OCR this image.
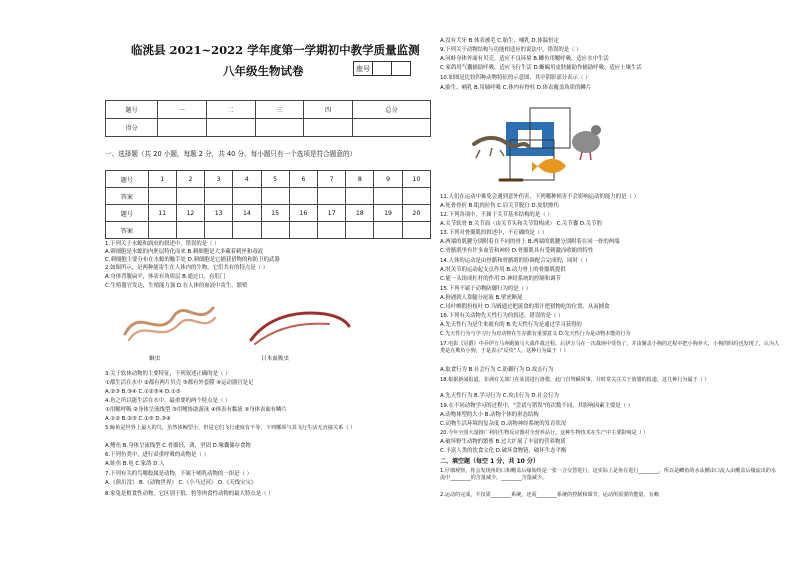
临洮县 2021~2022 学年度第一学期初中教学质量监测
八年级生物试卷	座号
题号	一	二	三	四	总分
得分					
一、选择题（共 20 小题，每题 2 分，共 40 分，每小题只有一个选项是符合题意的）
题号	1	2	3	4	5	6	7	8	9	10
答案										
题号	11	12	13	14	15	16	17	18	19	20
答案										
1.下列关于水螅和涡虫的叙述中，错误的是（ ）
A.刺细胞是水螅的内胚层特化而来 B.刺细胞是大多藏着刺丝和毒液
C.刺细胞主要分布在水螅的触手处 D.刺细胞是它捕获猎物的和防卫的武器
2.如图所示，是两种能寄生在人体内的生物，它们共有的特点是（ ）
A.身体背腹扁平，体表有角质层 B.通过口，有肛门
C.生殖器官发达，生殖能力强 D.在人体的血液中寄生、繁殖
蛔虫	日本血吸虫
3.关于软体动物的主要特征，下列叙述正确的是（ ）
①都生活在水中 ②都有两片贝壳 ③都有外套膜 ④运动器官是足
A.②③ B.③④ C.①②③④ D.①③
4.鱼之所以能生活在水中，最重要的两个特点是（ ）
①用鳃呼吸 ②身体呈流线型 ③用鳍协助游泳 ④体表有黏液 ⑤身体表面有鳞片
A.①② B.②③ C.①③ D.③④
5.鲸鱼是世界上最大的鸟，虽然体鲸型小，但是它们飞行速度有不等，下列哪项与其飞行生活无直接关系（ ）
A.鳍鱼 B.身体呈流线型 C.骨骼轻，薄，坚固 D.喙囊储存食物
6.下列鱼类中，进行双重呼吸的动物是（ ）
A.蛙鱼 B.龟 C.家鸽 D.人
7.下列有关的鸟哪般属是动物，不属于哺乳动物的一组是（ ）
A.《熊出没》 B.《动物世界》 C.《小马过河》 D.《天线宝宝》
8.家兔是植食性动物，它区别于狼、豹等肉食性动物的最大特点是（ ）
A.没有犬牙 B.体表被毛 C.胎生、哺乳 D.体温恒定
9.下列关于动物结构与功能相适应的说法中，错误的是（ ）
A.河蚌身体外面有贝壳，适应不良环境 B.鲫鱼用鳃呼吸，适应水中生活
C.家鸽用气囊辅助呼吸，适应飞行生活 D.蜥蜴用皮肤辅助作辅助呼吸，适应土壤生活
10.如图是比较四种动物特征的示意图，其中阴影部分表示（ ）
A.胎生、哺乳 B.用肺呼吸 C.体内有脊柱 D.体表覆盖角质的鳞片
11.人们在运动中难免会遇到意外伤害，下列哪种损害不会影响运动的能力的是（ ）
A.死骨骨折 B.肌肉拉伤 C.肩关节脱臼 D.皮肤擦伤
12.下列各项中，不属于关节基本结构的是（ ）
A.关节软骨 B.关节面（由关节头和关节窝构成） C.关节囊 D.关节腔
13.下列对骨骼肌的叙述中，不正确的是（ ）
A.两端的肌腱分别附着在不同的骨上 B.两端的肌腱分别附着在同一骨的两端
C.骨骼肌里有许多血管和神经 D.骨骼肌具有受刺激而收缩的特性
14.人体的运动是由骨骼和骨骼肌的协调配合完成的，同时（ ）
A.肘关节的运动起支点作用 B.动力骨上的骨骼肌提供
C.能一头组成杠杆的作用 D.神经系统的控制和调节
15.下列不属于动物防御行为的是（ ）
A.狗遇到人靠腿分泌液 B.壁虎断尾
C.母叶蝉假扮枝叶 D.乌贼通过把流食的墨汁把猎物吃的位置，从而捕食
16.下列有关动物先天性行为的叙述，错误的是（ ）
A.先天性行为是生来就有的 B.先天性行为是通过学习获得的
C.先天性行为与学习行为对动物在生存都有重要意义 D.先天性行为是动物本能的行为
17.电影《冠爵》中乔伊万马奔跑骑马大战作战过程，后伊万马在一次战场中受伤了，并由聚盖小狗的过程中把小狗养大，小狗的吗吗也发现了，认为人类是在欺负小狗，于是表示"反攻"人，这种行为属于（ ）
A.取食行为 B.社会行为 C.防御行为 D.攻击行为
18.根据新闻报道，非洲有关部门在某国进行洛猎，此门自驾瞬回事，并时常关注关于放猎的报道，这几种行为属于（ ）
A.先天性行为 B.学习行为 C.攻击行为 D.社会行为
19.在不同动物学习的过程中，"尝试与错误"的次数不同，其影响因素主要是（ ）
A.动物体型的大小 B.动物个体的形态结构
C.动物生活环境的复杂度 D.动物神经系统的发育状况
20.今年全国大量推广利用生物反应器对全营养品行，这种生物技术在生产中主要影响是（ ）
A.破坏野生动物的繁殖 B.过大扩展了丰富的营养物质
C.丰富人类的饮食文化 D.破坏食物链，破坏生态平衡
二、填空题（每空 1 分，共 10 分）
1.仔细观察，你会发现鱼的口和鳃盖后缘始终是一张一合交替进行，这实际上是鱼在进行________，所以是鲫鱼的水从鳃由口流入由鳃盖后缘流出的水流中________的含量减少，________含量减少。
2.运动的完成，不仅需________系统，还需________系统的控制和调节，运动所需要的能量，有赖
